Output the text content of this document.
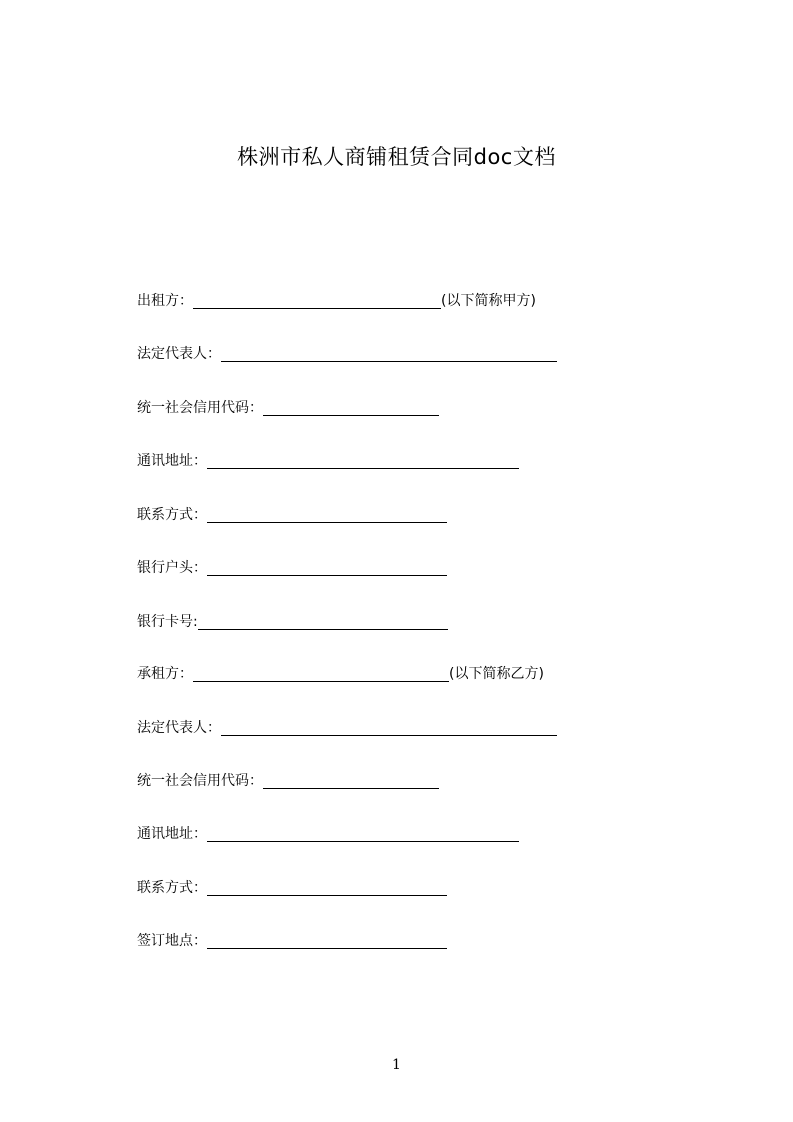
株洲市私人商铺租赁合同doc文档
出租方：	(以下简称甲方)
法定代表人：
统一社会信用代码：
通讯地址：
联系方式：
银行户头：
银行卡号:
承租方：	(以下简称乙方)
法定代表人：
统一社会信用代码：
通讯地址：
联系方式：
签订地点：
1
